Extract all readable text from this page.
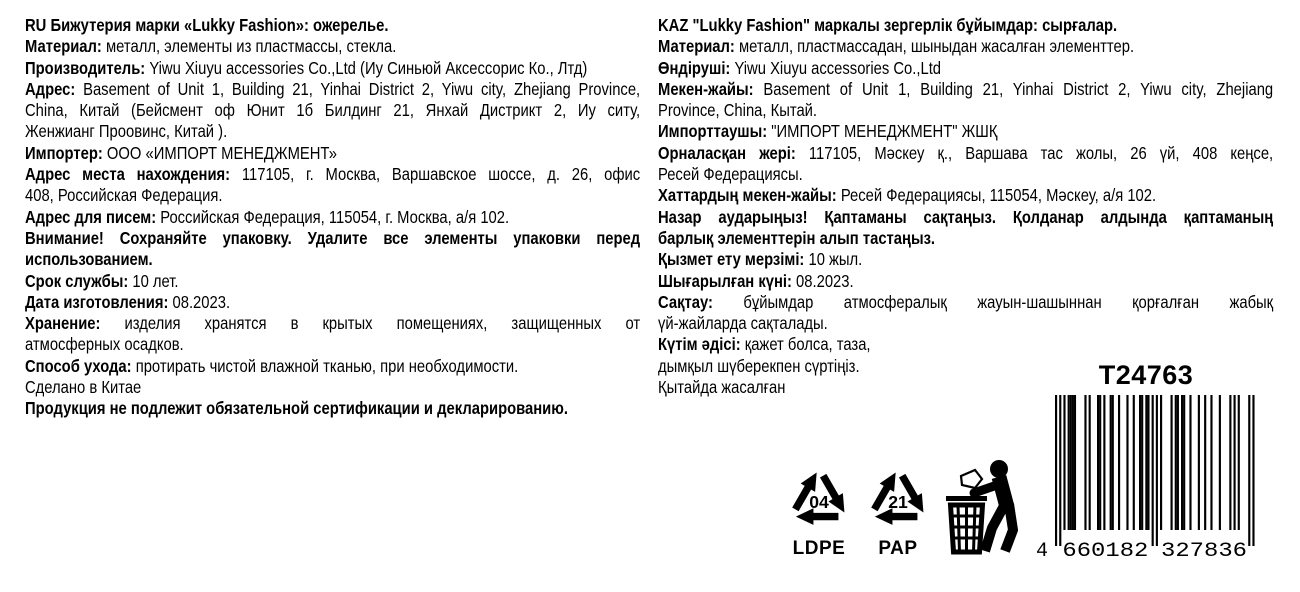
RU Бижутерия марки «Lukky Fashion»: ожерелье.
Материал: металл, элементы из пластмассы, стекла.
Производитель: Yiwu Xiuyu accessories Co.,Ltd (Иу Синьюй Аксессорис Ко., Лтд)
Адрес: Basement of Unit 1, Building 21, Yinhai District 2, Yiwu city, Zhejiang Province,
China, Китай (Бейсмент оф Юнит 1б Билдинг 21, Янхай Дистрикт 2, Иу ситу,
Женжианг Проовинс, Китай ).
Импортер: ООО «ИМПОРТ МЕНЕДЖМЕНТ»
Адрес места нахождения: 117105, г. Москва, Варшавское шоссе, д. 26, офис
408, Российская Федерация.
Адрес для писем: Российская Федерация, 115054, г. Москва, а/я 102.
Внимание! Сохраняйте упаковку. Удалите все элементы упаковки перед
использованием.
Срок службы: 10 лет.
Дата изготовления: 08.2023.
Хранение: изделия хранятся в крытых помещениях, защищенных от
атмосферных осадков.
Способ ухода: протирать чистой влажной тканью, при необходимости.
Сделано в Китае
Продукция не подлежит обязательной сертификации и декларированию.
KAZ "Lukky Fashion" маркалы зергерлік бұйымдар: сырғалар.
Материал: металл, пластмассадан, шыныдан жасалған элементтер.
Өндіруші: Yiwu Xiuyu accessories Co.,Ltd
Мекен-жайы: Basement of Unit 1, Building 21, Yinhai District 2, Yiwu city, Zhejiang
Province, China, Кытай.
Импорттаушы: "ИМПОРТ МЕНЕДЖМЕНТ" ЖШҚ
Орналасқан жері: 117105, Мәскеу қ., Варшава тас жолы, 26 үй, 408 кеңсе,
Ресей Федерациясы.
Хаттардың мекен-жайы: Ресей Федерациясы, 115054, Мәскеу, а/я 102.
Назар аударыңыз! Қаптаманы сақтаңыз. Қолданар алдында қаптаманың
барлық элементтерін алып тастаңыз.
Қызмет ету мерзімі: 10 жыл.
Шығарылған күні: 08.2023.
Сақтау: бұйымдар атмосфералық жауын-шашыннан қорғалған жабық
үй-жайларда сақталады.
Күтім әдісі: қажет болса, таза,
дымқыл шүберекпен сүртіңіз.
Қытайда жасалған
04
LDPE
21
PAP
T24763
4 660182 327836
